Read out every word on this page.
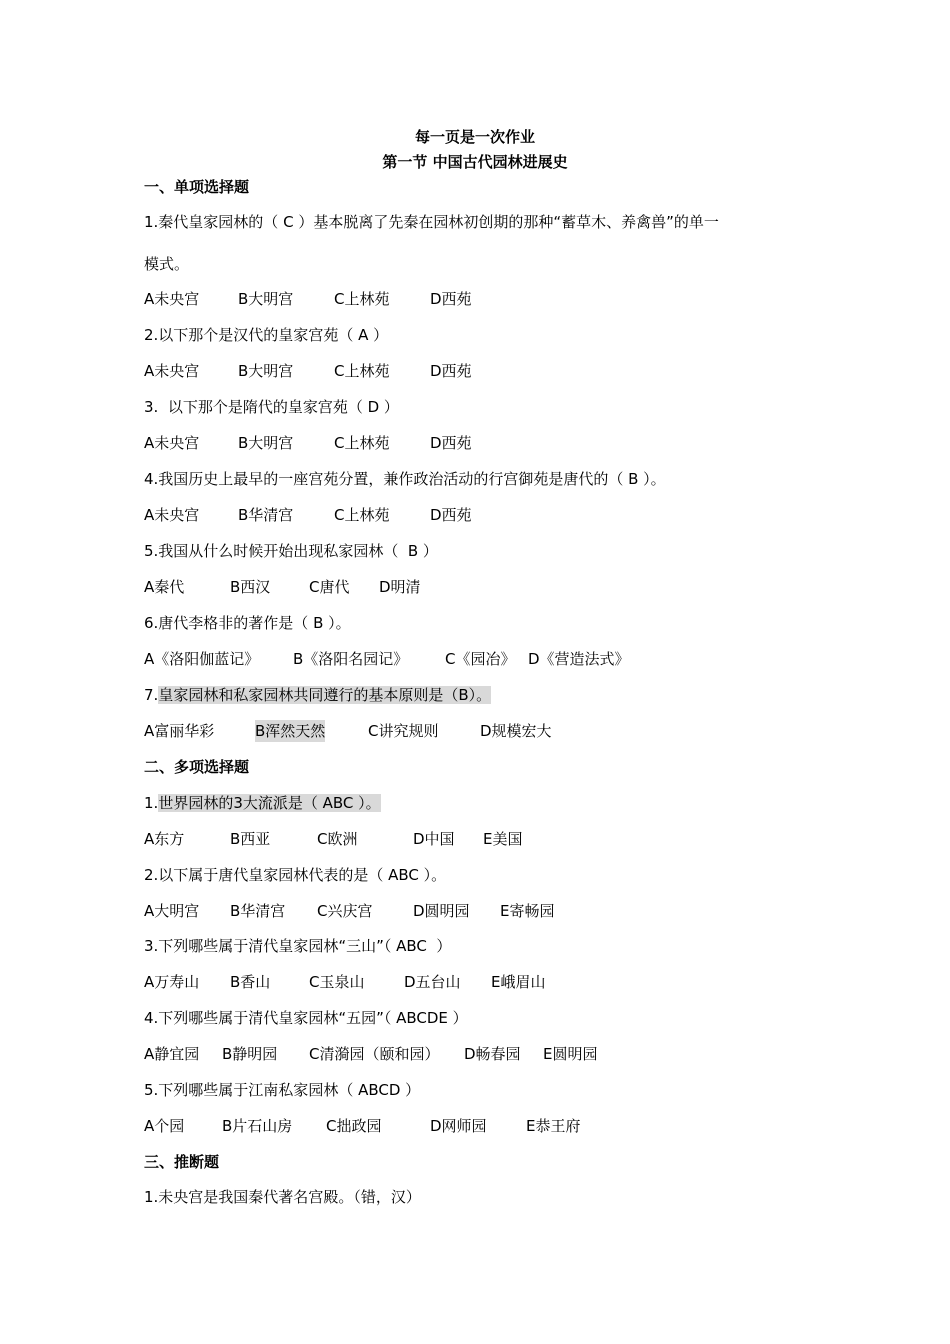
每一页是一次作业
第一节 中国古代园林进展史
一、单项选择题
1.秦代皇家园林的（ C ）基本脱离了先秦在园林初创期的那种“蓄草木、养禽兽”的单一
模式。
A未央宫	B大明宫	C上林苑	D西苑
2.以下那个是汉代的皇家宫苑（ A ）
A未央宫	B大明宫	C上林苑	D西苑
3.  以下那个是隋代的皇家宫苑（ D ）
A未央宫	B大明宫	C上林苑	D西苑
4.我国历史上最早的一座宫苑分置，兼作政治活动的行宫御苑是唐代的（ B ）。
A未央宫	B华清宫	C上林苑	D西苑
5.我国从什么时候开始出现私家园林（  B ）
A秦代	B西汉	C唐代 D明清
6.唐代李格非的著作是（ B ）。
A《洛阳伽蓝记》 B《洛阳名园记》 C《园冶》 D《营造法式》
7.皇家园林和私家园林共同遵行的基本原则是（B）。
A富丽华彩	B浑然天然	C讲究规则	D规模宏大
二、多项选择题
1.世界园林的3大流派是（ ABC ）。
A东方	B西亚	C欧洲	D中国 E美国
2.以下属于唐代皇家园林代表的是（ ABC ）。
A大明宫 B华清宫 C兴庆宫	D圆明园 E寄畅园
3.下列哪些属于清代皇家园林“三山”（ ABC  ）
A万寿山 B香山	C玉泉山	D五台山 E峨眉山
4.下列哪些属于清代皇家园林“五园”（ ABCDE ）
A静宜园 B静明园 C清漪园（颐和园） D畅春园 E圆明园
5.下列哪些属于江南私家园林（ ABCD ）
A个园	B片石山房 C拙政园	D网师园	E恭王府
三、推断题
1.未央宫是我国秦代著名宫殿。（错，汉）
